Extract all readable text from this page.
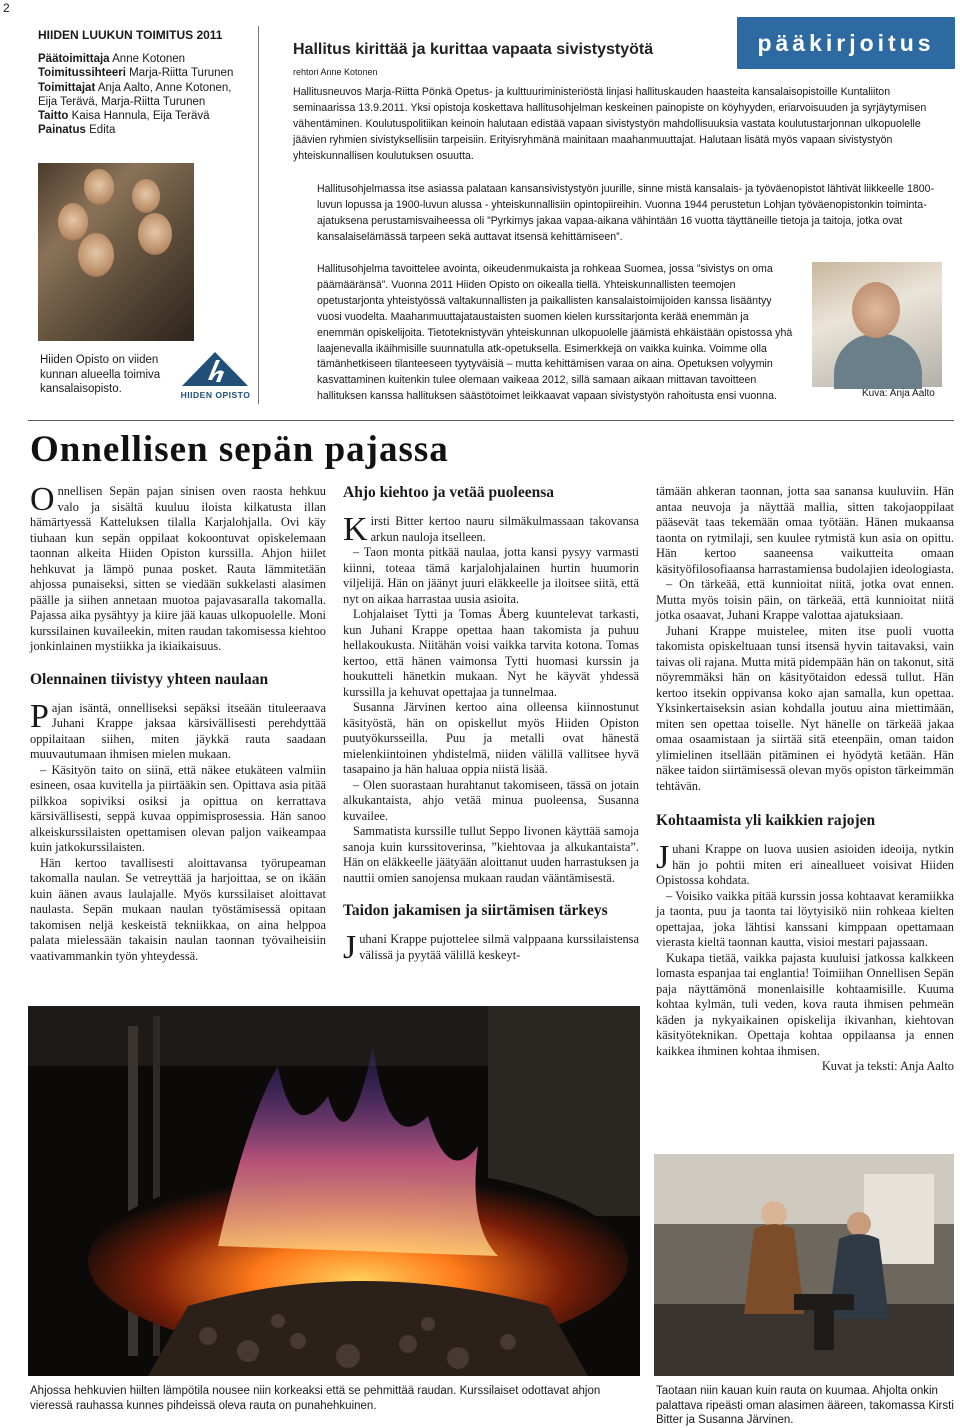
2
HIIDEN LUUKUN TOIMITUS 2011
Päätoimittaja Anne Kotonen
Toimitussihteeri Marja-Riitta Turunen
Toimittajat Anja Aalto, Anne Kotonen, Eija Terävä, Marja-Riitta Turunen
Taitto Kaisa Hannula, Eija Terävä
Painatus Edita
Hiiden Opisto on viiden kunnan alueella toimiva kansalaisopisto.	HIIDEN OPISTO
Hallitus kirittää ja kurittaa vapaata sivistystyötä
rehtori Anne Kotonen
pääkirjoitus
Hallitusneuvos Marja-Riitta Pönkä Opetus- ja kulttuuriministeriöstä linjasi hallituskauden haasteita kansalaisopistoille Kuntaliiton seminaarissa 13.9.2011. Yksi opistoja koskettava hallitusohjelman keskeinen painopiste on köyhyyden, eriarvoisuuden ja syrjäytymisen vähentäminen. Koulutuspolitiikan keinoin halutaan edistää vapaan sivistystyön mahdollisuuksia vastata koulutustarjonnan ulkopuolelle jäävien ryhmien sivistyksellisiin tarpeisiin. Erityisryhmänä mainitaan maahanmuuttajat. Halutaan lisätä myös vapaan sivistystyön yhteiskunnallisen koulutuksen osuutta.
Hallitusohjelmassa itse asiassa palataan kansansivistystyön juurille, sinne mistä kansalais- ja työväenopistot lähtivät liikkeelle 1800-luvun lopussa ja 1900-luvun alussa - yhteiskunnallisiin opintopiireihin. Vuonna 1944 perustetun Lohjan työväenopistonkin toiminta-ajatuksena perustamisvaiheessa oli ”Pyrkimys jakaa vapaa-aikana vähintään 16 vuotta täyttäneille tietoja ja taitoja, jotka ovat kansalaiselämässä tarpeen sekä auttavat itsensä kehittämiseen”.
Hallitusohjelma tavoittelee avointa, oikeudenmukaista ja rohkeaa Suomea, jossa ”sivistys on oma päämääränsä”. Vuonna 2011 Hiiden Opisto on oikealla tiellä. Yhteiskunnallisten teemojen opetustarjonta yhteistyössä valtakunnallisten ja paikallisten kansalaistoimijoiden kanssa lisääntyy vuosi vuodelta. Maahanmuuttajataustaisten suomen kielen kurssitarjonta kerää enemmän ja enemmän opiskelijoita. Tietoteknistyvän yhteiskunnan ulkopuolelle jäämistä ehkäistään opistossa yhä laajenevalla ikäihmisille suunnatulla atk-opetuksella. Esimerkkejä on vaikka kuinka. Voimme olla tämänhetkiseen tilanteeseen tyytyväisiä – mutta kehittämisen varaa on aina. Opetuksen volyymin kasvattaminen kuitenkin tulee olemaan vaikeaa 2012, sillä samaan aikaan mittavan tavoitteen hallituksen kanssa hallituksen säästötoimet leikkaavat vapaan sivistystyön rahoitusta ensi vuonna.	Kuva: Anja Aalto
Onnellisen sepän pajassa

Onnellisen Sepän pajan sinisen oven raosta hehkuu valo ja sisältä kuuluu iloista kilkatusta illan hämärtyessä Katteluksen tilalla Karjalohjalla. Ovi käy tiuhaan kun sepän oppilaat kokoontuvat opiskelemaan taonnan alkeita Hiiden Opiston kurssilla. Ahjon hiilet hehkuvat ja lämpö punaa posket. Rauta lämmitetään ahjossa punaiseksi, sitten se viedään sukkelasti alasimen päälle ja siihen annetaan muotoa pajavasaralla takomalla. Pajassa aika pysähtyy ja kiire jää kauas ulkopuolelle. Moni kurssilainen kuvaileekin, miten raudan takomisessa kiehtoo jonkinlainen mystiikka ja ikiaikaisuus.

Olennainen tiivistyy yhteen naulaan

Pajan isäntä, onnelliseksi sepäksi itseään tituleeraava Juhani Krappe jaksaa kärsivällisesti perehdyttää oppilaitaan siihen, miten jäykkä rauta saadaan muuvautumaan ihmisen mielen mukaan.

– Käsityön taito on siinä, että näkee etukäteen valmiin esineen, osaa kuvitella ja piirtääkin sen. Opittava asia pitää pilkkoa sopiviksi osiksi ja opittua on kerrattava kärsivällisesti, seppä kuvaa oppimisprosessia. Hän sanoo alkeiskurssilaisten opettamisen olevan paljon vaikeampaa kuin jatkokurssilaisten.

Hän kertoo tavallisesti aloittavansa työrupeaman takomalla naulan. Se vetreyttää ja harjoittaa, se on ikään kuin äänen avaus laulajalle. Myös kurssilaiset aloittavat naulasta. Sepän mukaan naulan työstämisessä opitaan takomisen neljä keskeistä tekniikkaa, on aina helppoa palata mielessään takaisin naulan taonnan työvaiheisiin vaativammankin työn yhteydessä.

Ahjo kiehtoo ja vetää puoleensa

Kirsti Bitter kertoo nauru silmäkulmassaan takovansa arkun nauloja itselleen.

– Taon monta pitkää naulaa, jotta kansi pysyy varmasti kiinni, toteaa tämä karjalohjalainen hurtin huumorin viljelijä. Hän on jäänyt juuri eläkkeelle ja iloitsee siitä, että nyt on aikaa harrastaa uusia asioita.

Lohjalaiset Tytti ja Tomas Åberg kuuntelevat tarkasti, kun Juhani Krappe opettaa haan takomista ja puhuu hellakoukusta. Niitähän voisi vaikka tarvita kotona. Tomas kertoo, että hänen vaimonsa Tytti huomasi kurssin ja houkutteli hänetkin mukaan. Nyt he käyvät yhdessä kurssilla ja kehuvat opettajaa ja tunnelmaa.

Susanna Järvinen kertoo aina olleensa kiinnostunut käsityöstä, hän on opiskellut myös Hiiden Opiston puutyökursseilla. Puu ja metalli ovat hänestä mielenkiintoinen yhdistelmä, niiden välillä vallitsee hyvä tasapaino ja hän haluaa oppia niistä lisää.

– Olen suorastaan hurahtanut takomiseen, tässä on jotain alkukantaista, ahjo vetää minua puoleensa, Susanna kuvailee.

Sammatista kurssille tullut Seppo Iivonen käyttää samoja sanoja kuin kurssitoverinsa, ”kiehtovaa ja alkukantaista”. Hän on eläkkeelle jäätyään aloittanut uuden harrastuksen ja nauttii omien sanojensa mukaan raudan vääntämisestä.

Taidon jakamisen ja siirtämisen tärkeys

Juhani Krappe pujottelee silmä valppaana kurssilaistensa välissä ja pyytää välillä keskeyt-

tämään ahkeran taonnan, jotta saa sanansa kuuluviin. Hän antaa neuvoja ja näyttää mallia, sitten takojaoppilaat pääsevät taas tekemään omaa työtään. Hänen mukaansa taonta on rytmilaji, sen kuulee rytmistä kun asia on opittu. Hän kertoo saaneensa vaikutteita omaan käsityöfilosofiaansa harrastamiensa budolajien ideologiasta.

– On tärkeää, että kunnioitat niitä, jotka ovat ennen. Mutta myös toisin päin, on tärkeää, että kunnioitat niitä jotka osaavat, Juhani Krappe valottaa ajatuksiaan.

Juhani Krappe muistelee, miten itse puoli vuotta takomista opiskeltuaan tunsi itsensä hyvin taitavaksi, vain taivas oli rajana. Mutta mitä pidempään hän on takonut, sitä nöyremmäksi hän on käsityötaidon edessä tullut. Hän kertoo itsekin oppivansa koko ajan samalla, kun opettaa. Yksinkertaiseksin asian kohdalla joutuu aina miettimään, miten sen opettaa toiselle. Nyt hänelle on tärkeää jakaa omaa osaamistaan ja siirtää sitä eteenpäin, oman taidon ylimielinen itsellään pitäminen ei hyödytä ketään. Hän näkee taidon siirtämisessä olevan myös opiston tärkeimmän tehtävän.

Kohtaamista yli kaikkien rajojen

Juhani Krappe on luova uusien asioiden ideoija, nytkin hän jo pohtii miten eri aineallueet voisivat Hiiden Opistossa kohdata.

– Voisiko vaikka pitää kurssin jossa kohtaavat keramiikka ja taonta, puu ja taonta tai löytyisikö niin rohkeaa kielten opettajaa, joka lähtisi kanssani kimppaan opettamaan vierasta kieltä taonnan kautta, visioi mestari pajassaan.

Kukapa tietää, vaikka pajasta kuuluisi jatkossa kalkkeen lomasta espanjaa tai englantia! Toimiihan Onnellisen Sepän paja näyttämönä monenlaisille kohtaamisille. Kuuma kohtaa kylmän, tuli veden, kova rauta ihmisen pehmeän käden ja nykyaikainen opiskelija ikivanhan, kiehtovan käsityöteknikan. Opettaja kohtaa oppilaansa ja ennen kaikkea ihminen kohtaa ihmisen.

Kuvat ja teksti: Anja Aalto

Ahjossa hehkuvien hiilten lämpötila nousee niin korkeaksi että se pehmittää raudan. Kurssilaiset odottavat ahjon vieressä rauhassa kunnes pihdeissä oleva rauta on punahehkuinen.
Taotaan niin kauan kuin rauta on kuumaa. Ahjolta onkin palattava ripeästi oman alasimen ääreen, takomassa Kirsti Bitter ja Susanna Järvinen.
